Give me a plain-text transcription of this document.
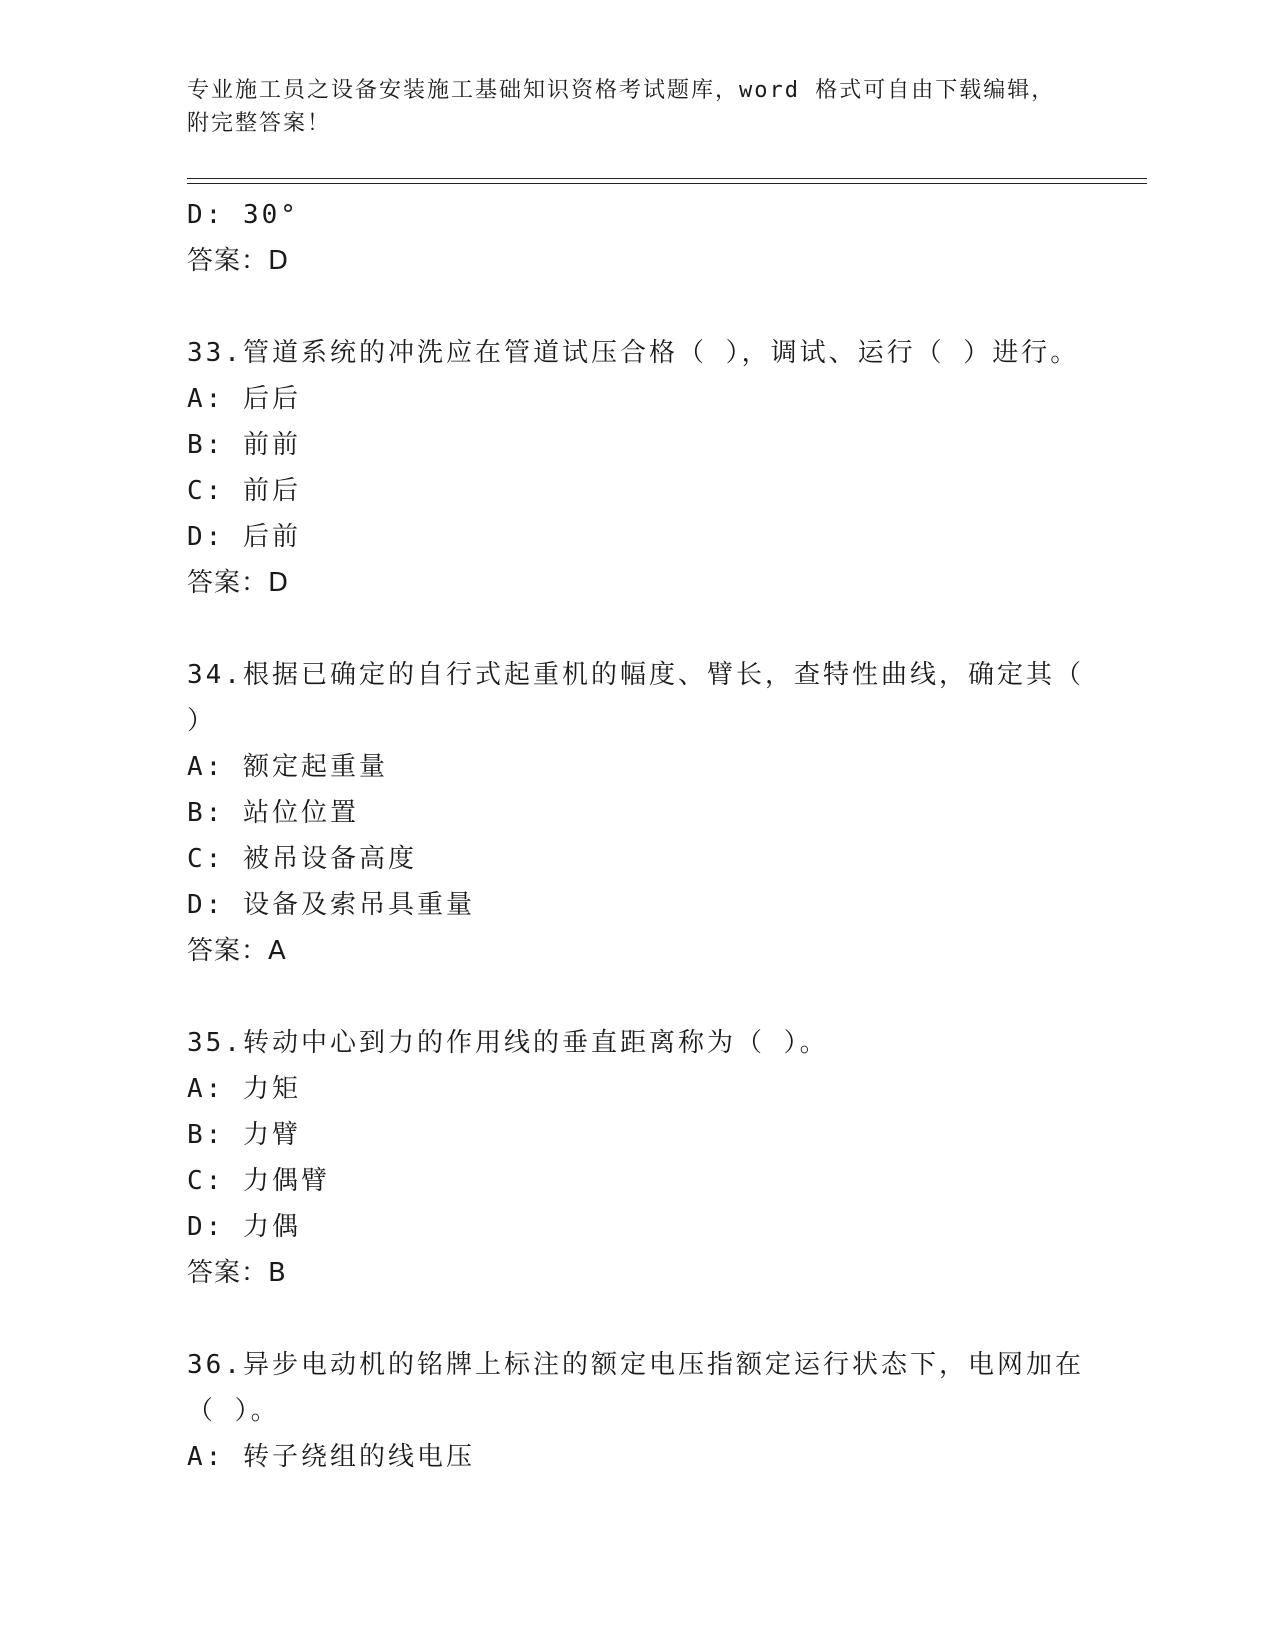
专业施工员之设备安装施工基础知识资格考试题库，word 格式可自由下载编辑，
附完整答案！
D: 30°
答案：D
33.管道系统的冲洗应在管道试压合格（ ），调试、运行（ ）进行。
A: 后后
B: 前前
C: 前后
D: 后前
答案：D
34.根据已确定的自行式起重机的幅度、臂长，查特性曲线，确定其（
）
A: 额定起重量
B: 站位位置
C: 被吊设备高度
D: 设备及索吊具重量
答案：A
35.转动中心到力的作用线的垂直距离称为（ ）。
A: 力矩
B: 力臂
C: 力偶臂
D: 力偶
答案：B
36.异步电动机的铭牌上标注的额定电压指额定运行状态下，电网加在
（ ）。
A: 转子绕组的线电压
